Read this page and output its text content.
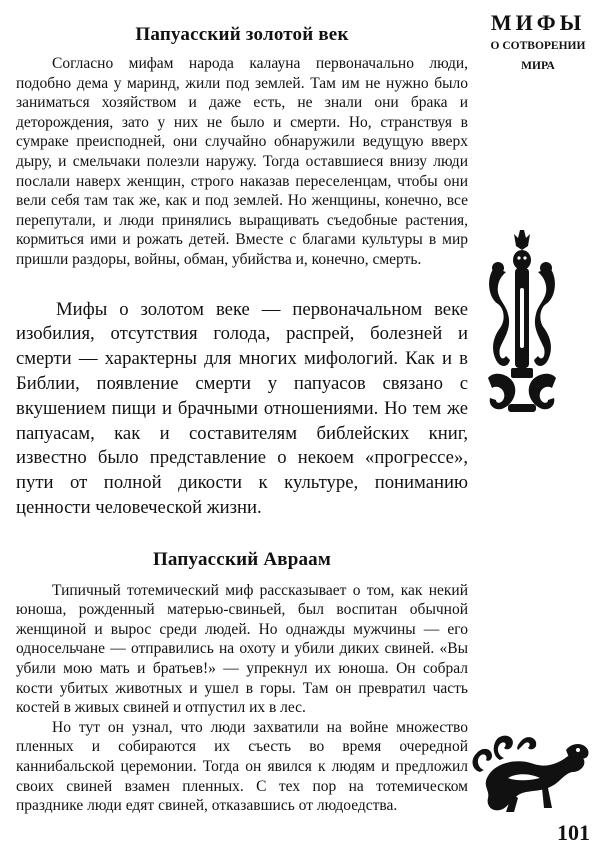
Папуасский золотой век

Согласно мифам народа калауна первоначально люди, подобно дема у маринд, жили под землей. Там им не нужно было заниматься хозяйством и даже есть, не знали они брака и деторождения, зато у них не было и смерти. Но, странствуя в сумраке преисподней, они случайно обнаружили ведущую вверх дыру, и смельчаки полезли наружу. Тогда оставшиеся внизу люди послали наверх женщин, строго наказав переселенцам, чтобы они вели себя там так же, как и под землей. Но женщины, конечно, все перепутали, и люди принялись выращивать съедобные растения, кормиться ими и рожать детей. Вместе с благами культуры в мир пришли раздоры, войны, обман, убийства и, конечно, смерть.

Мифы о золотом веке — первоначальном веке изобилия, отсутствия голода, распрей, болезней и смерти — характерны для многих мифологий. Как и в Библии, появление смерти у папуасов связано с вкушением пищи и брачными отношениями. Но тем же папуасам, как и составителям библейских книг, известно было представление о некоем «прогрессе», пути от полной дикости к культуре, пониманию ценности человеческой жизни.

Папуасский Авраам

Типичный тотемический миф рассказывает о том, как некий юноша, рожденный матерью-свиньей, был воспитан обычной женщиной и вырос среди людей. Но однажды мужчины — его односельчане — отправились на охоту и убили диких свиней. «Вы убили мою мать и братьев!» — упрекнул их юноша. Он собрал кости убитых животных и ушел в горы. Там он превратил часть костей в живых свиней и отпустил их в лес.

Но тут он узнал, что люди захватили на войне множество пленных и собираются их съесть во время очередной каннибальской церемонии. Тогда он явился к людям и предложил своих свиней взамен пленных. С тех пор на тотемическом празднике люди едят свиней, отказавшись от людоедства.

МИФЫ

О СОТВОРЕНИИ

МИРА

101
